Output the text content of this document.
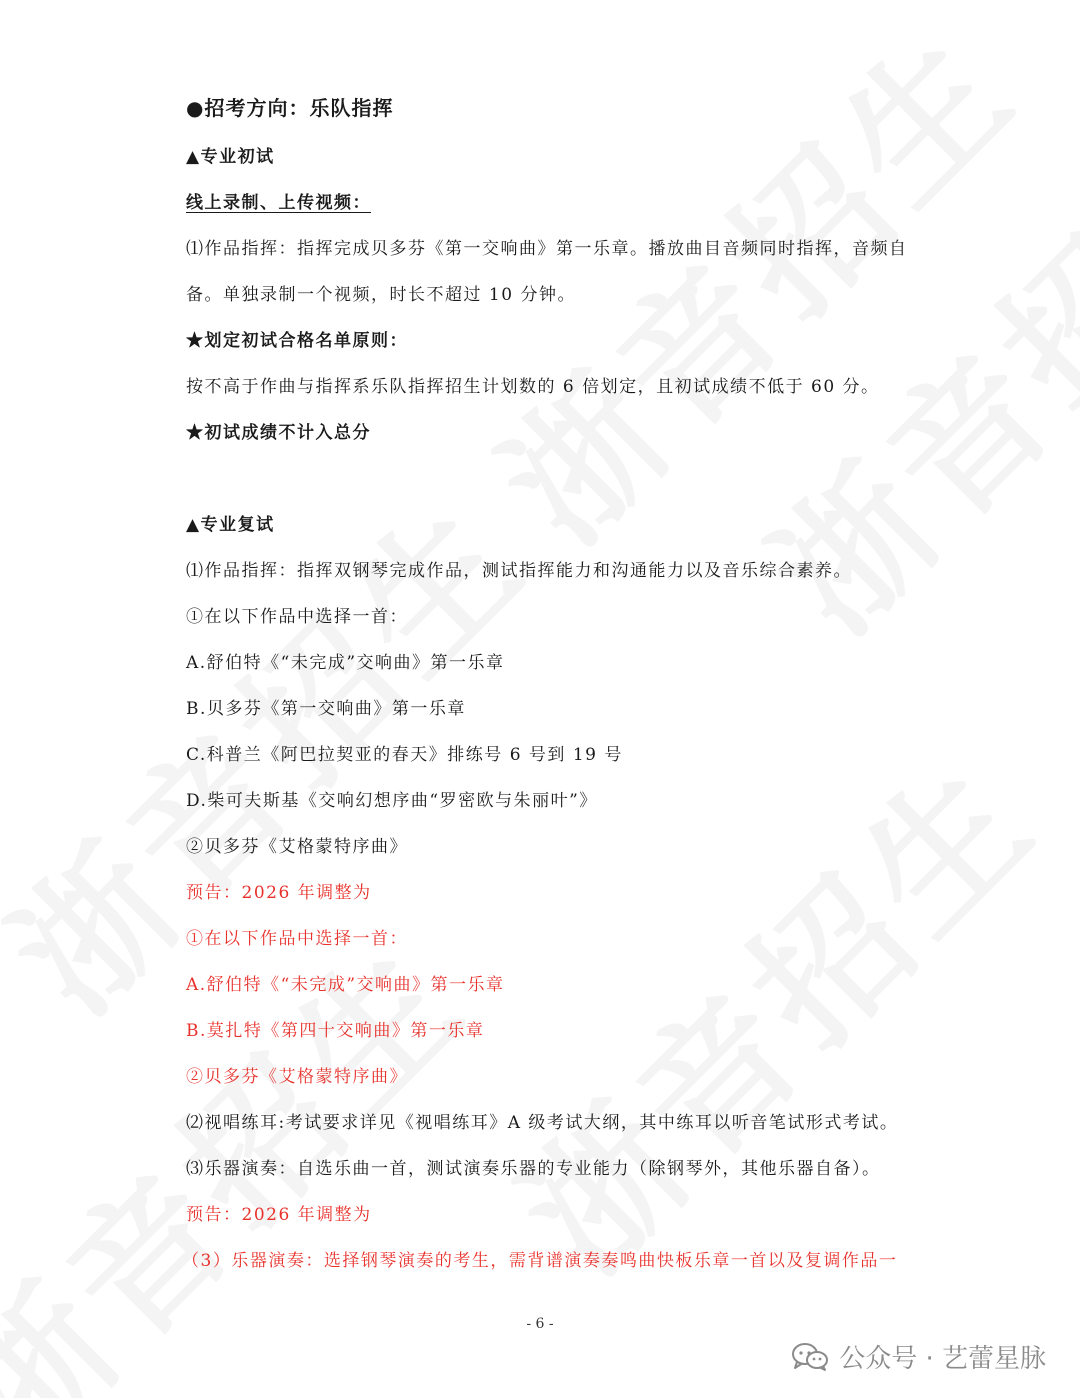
●招考方向：乐队指挥
▲专业初试
线上录制、上传视频：
⑴作品指挥：指挥完成贝多芬《第一交响曲》第一乐章。播放曲目音频同时指挥，音频自
备。单独录制一个视频，时长不超过 10 分钟。
★划定初试合格名单原则：
按不高于作曲与指挥系乐队指挥招生计划数的 6 倍划定，且初试成绩不低于 60 分。
★初试成绩不计入总分
▲专业复试
⑴作品指挥：指挥双钢琴完成作品，测试指挥能力和沟通能力以及音乐综合素养。
①在以下作品中选择一首：
A.舒伯特《“未完成”交响曲》第一乐章
B.贝多芬《第一交响曲》第一乐章
C.科普兰《阿巴拉契亚的春天》排练号 6 号到 19 号
D.柴可夫斯基《交响幻想序曲“罗密欧与朱丽叶”》
②贝多芬《艾格蒙特序曲》
预告：2026 年调整为
①在以下作品中选择一首：
A.舒伯特《“未完成”交响曲》第一乐章
B.莫扎特《第四十交响曲》第一乐章
②贝多芬《艾格蒙特序曲》
⑵视唱练耳:考试要求详见《视唱练耳》A 级考试大纲，其中练耳以听音笔试形式考试。
⑶乐器演奏：自选乐曲一首，测试演奏乐器的专业能力（除钢琴外，其他乐器自备）。
预告：2026 年调整为
（3）乐器演奏：选择钢琴演奏的考生，需背谱演奏奏鸣曲快板乐章一首以及复调作品一
- 6 -
公众号 · 艺蕾星脉
